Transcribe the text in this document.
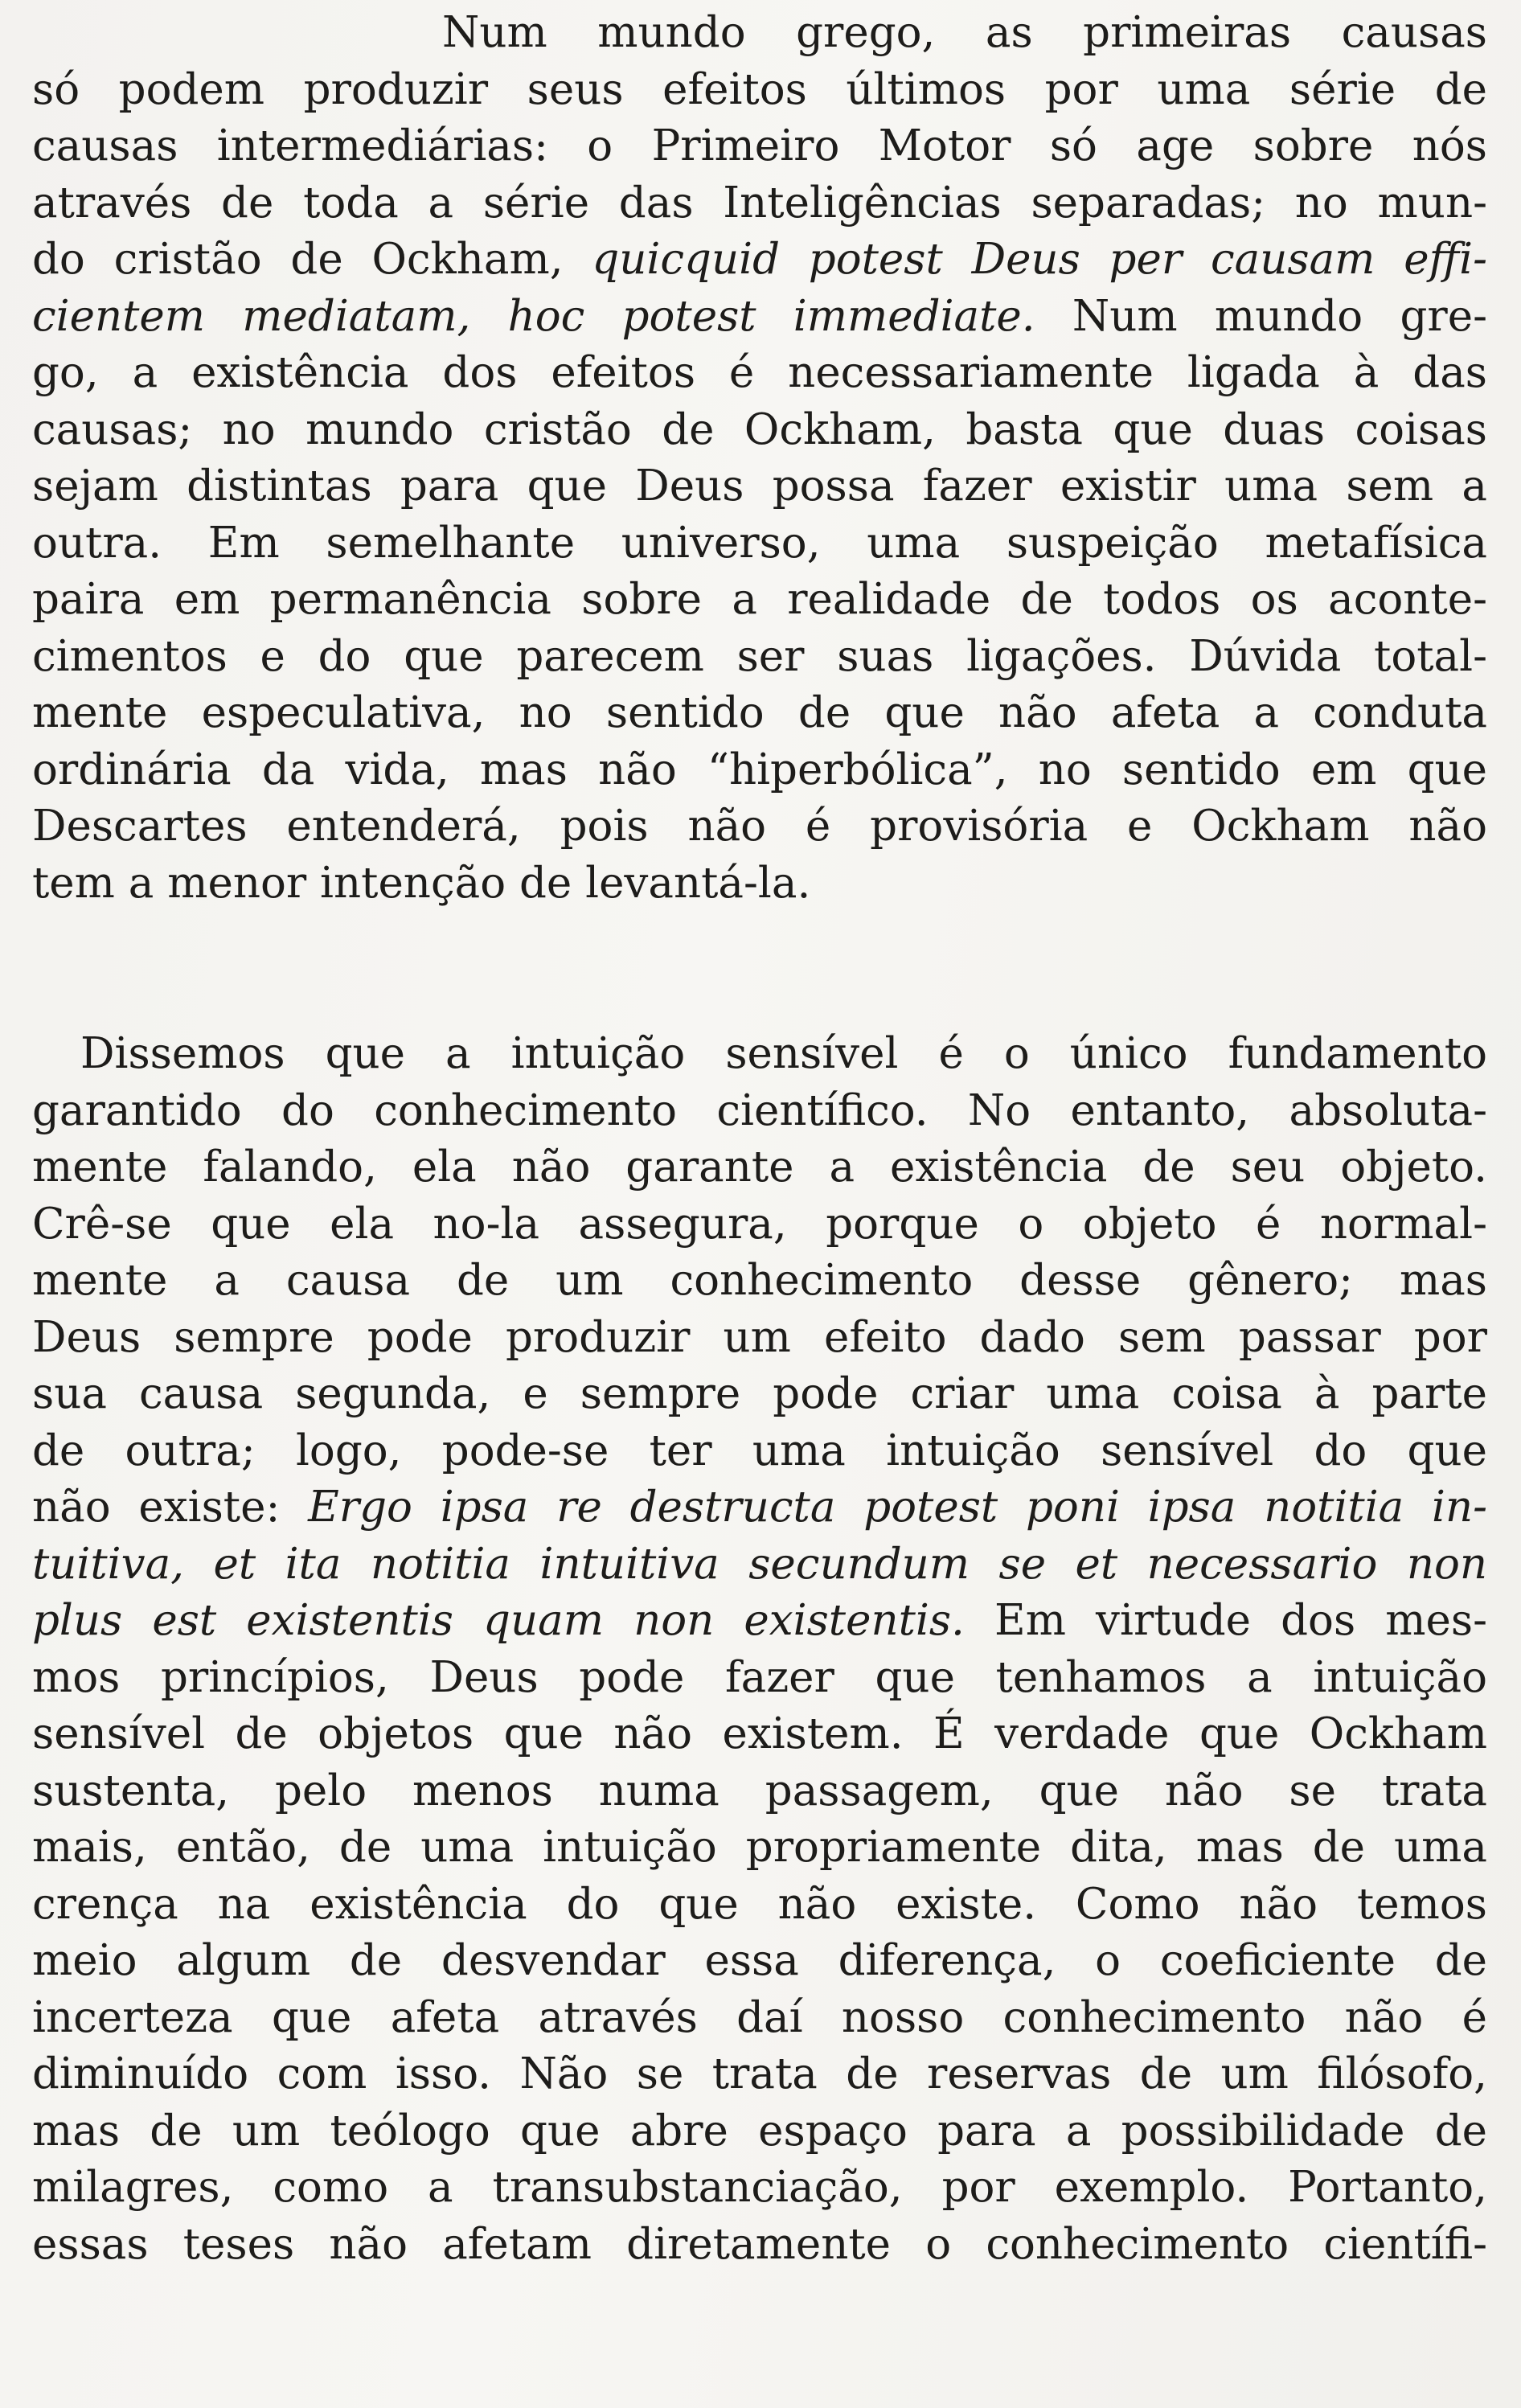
Num mundo grego, as primeiras causas
só podem produzir seus efeitos últimos por uma série de
causas intermediárias: o Primeiro Motor só age sobre nós
através de toda a série das Inteligências separadas; no mun-
do cristão de Ockham, quicquid potest Deus per causam effi-
cientem mediatam, hoc potest immediate. Num mundo gre-
go, a existência dos efeitos é necessariamente ligada à das
causas; no mundo cristão de Ockham, basta que duas coisas
sejam distintas para que Deus possa fazer existir uma sem a
outra. Em semelhante universo, uma suspeição metafísica
paira em permanência sobre a realidade de todos os aconte-
cimentos e do que parecem ser suas ligações. Dúvida total-
mente especulativa, no sentido de que não afeta a conduta
ordinária da vida, mas não “hiperbólica”, no sentido em que
Descartes entenderá, pois não é provisória e Ockham não
tem a menor intenção de levantá-la.
Dissemos que a intuição sensível é o único fundamento
garantido do conhecimento científico. No entanto, absoluta-
mente falando, ela não garante a existência de seu objeto.
Crê-se que ela no-la assegura, porque o objeto é normal-
mente a causa de um conhecimento desse gênero; mas
Deus sempre pode produzir um efeito dado sem passar por
sua causa segunda, e sempre pode criar uma coisa à parte
de outra; logo, pode-se ter uma intuição sensível do que
não existe: Ergo ipsa re destructa potest poni ipsa notitia in-
tuitiva, et ita notitia intuitiva secundum se et necessario non
plus est existentis quam non existentis. Em virtude dos mes-
mos princípios, Deus pode fazer que tenhamos a intuição
sensível de objetos que não existem. É verdade que Ockham
sustenta, pelo menos numa passagem, que não se trata
mais, então, de uma intuição propriamente dita, mas de uma
crença na existência do que não existe. Como não temos
meio algum de desvendar essa diferença, o coeficiente de
incerteza que afeta através daí nosso conhecimento não é
diminuído com isso. Não se trata de reservas de um filósofo,
mas de um teólogo que abre espaço para a possibilidade de
milagres, como a transubstanciação, por exemplo. Portanto,
essas teses não afetam diretamente o conhecimento científi-
